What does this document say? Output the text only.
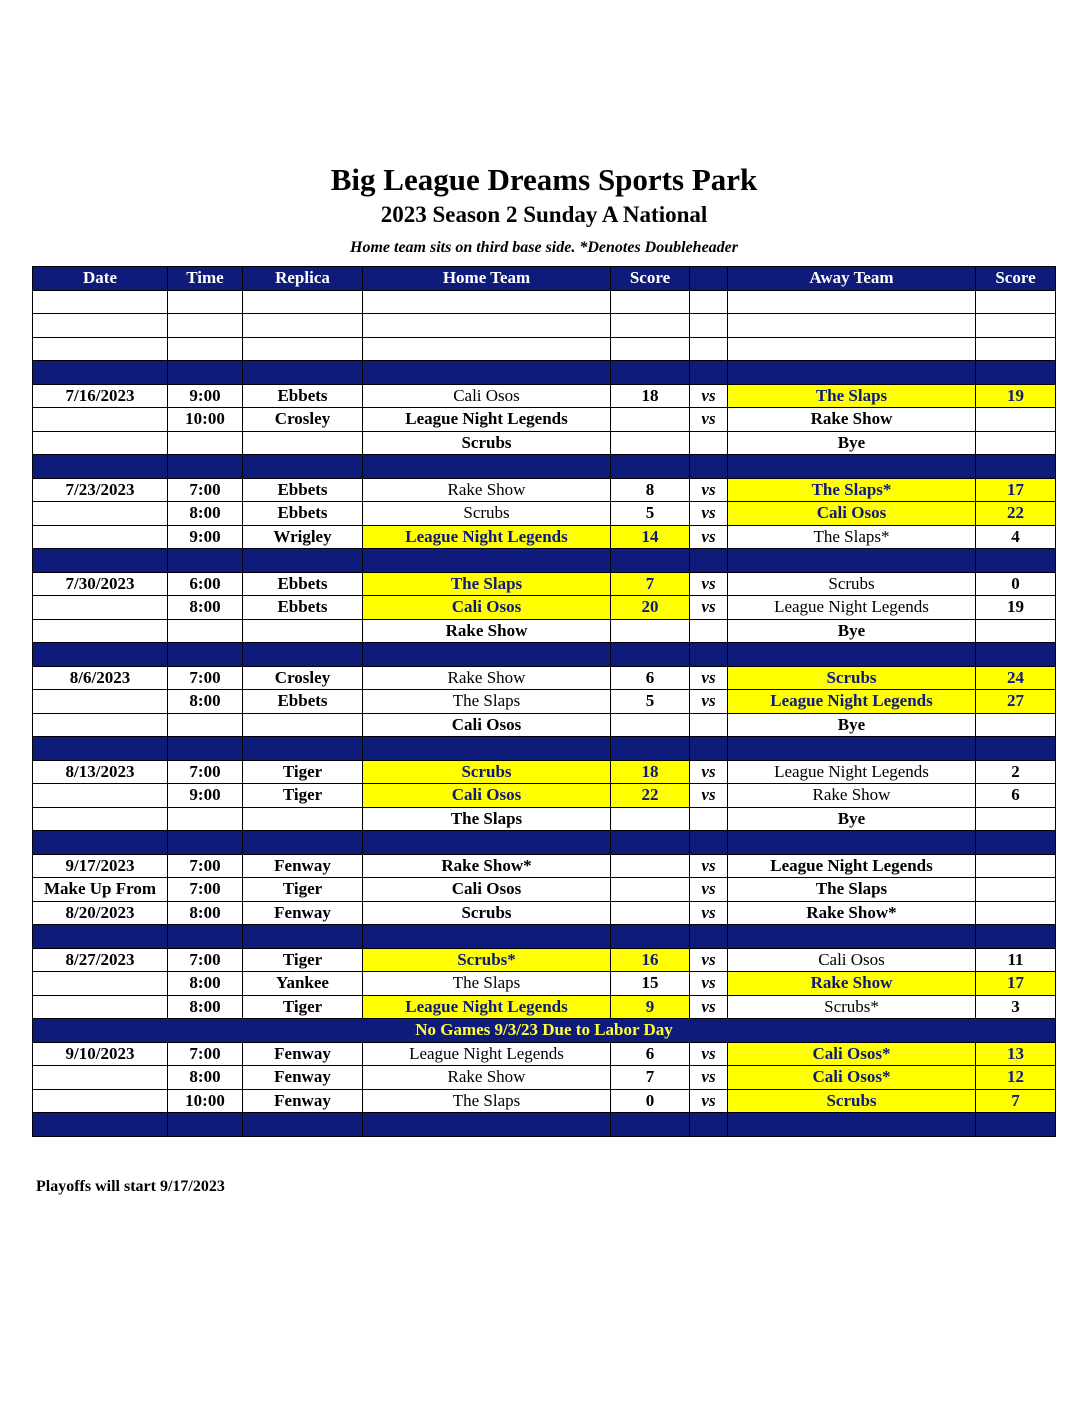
Big League Dreams Sports Park
2023 Season 2 Sunday A National
Home team sits on third base side. *Denotes Doubleheader
Date	Time	Replica	Home Team	Score		Away Team	Score

7/16/2023	9:00	Ebbets	Cali Osos	18	vs	The Slaps	19
	10:00	Crosley	League Night Legends		vs	Rake Show	
			Scrubs			Bye	

7/23/2023	7:00	Ebbets	Rake Show	8	vs	The Slaps*	17
	8:00	Ebbets	Scrubs	5	vs	Cali Osos	22
	9:00	Wrigley	League Night Legends	14	vs	The Slaps*	4

7/30/2023	6:00	Ebbets	The Slaps	7	vs	Scrubs	0
	8:00	Ebbets	Cali Osos	20	vs	League Night Legends	19
			Rake Show			Bye	

8/6/2023	7:00	Crosley	Rake Show	6	vs	Scrubs	24
	8:00	Ebbets	The Slaps	5	vs	League Night Legends	27
			Cali Osos			Bye	

8/13/2023	7:00	Tiger	Scrubs	18	vs	League Night Legends	2
	9:00	Tiger	Cali Osos	22	vs	Rake Show	6
			The Slaps			Bye	

9/17/2023	7:00	Fenway	Rake Show*		vs	League Night Legends	
Make Up From	7:00	Tiger	Cali Osos		vs	The Slaps	
8/20/2023	8:00	Fenway	Scrubs		vs	Rake Show*	

8/27/2023	7:00	Tiger	Scrubs*	16	vs	Cali Osos	11
	8:00	Yankee	The Slaps	15	vs	Rake Show	17
	8:00	Tiger	League Night Legends	9	vs	Scrubs*	3
No Games 9/3/23 Due to Labor Day							
9/10/2023	7:00	Fenway	League Night Legends	6	vs	Cali Osos*	13
	8:00	Fenway	Rake Show	7	vs	Cali Osos*	12
	10:00	Fenway	The Slaps	0	vs	Scrubs	7

Playoffs will start 9/17/2023
